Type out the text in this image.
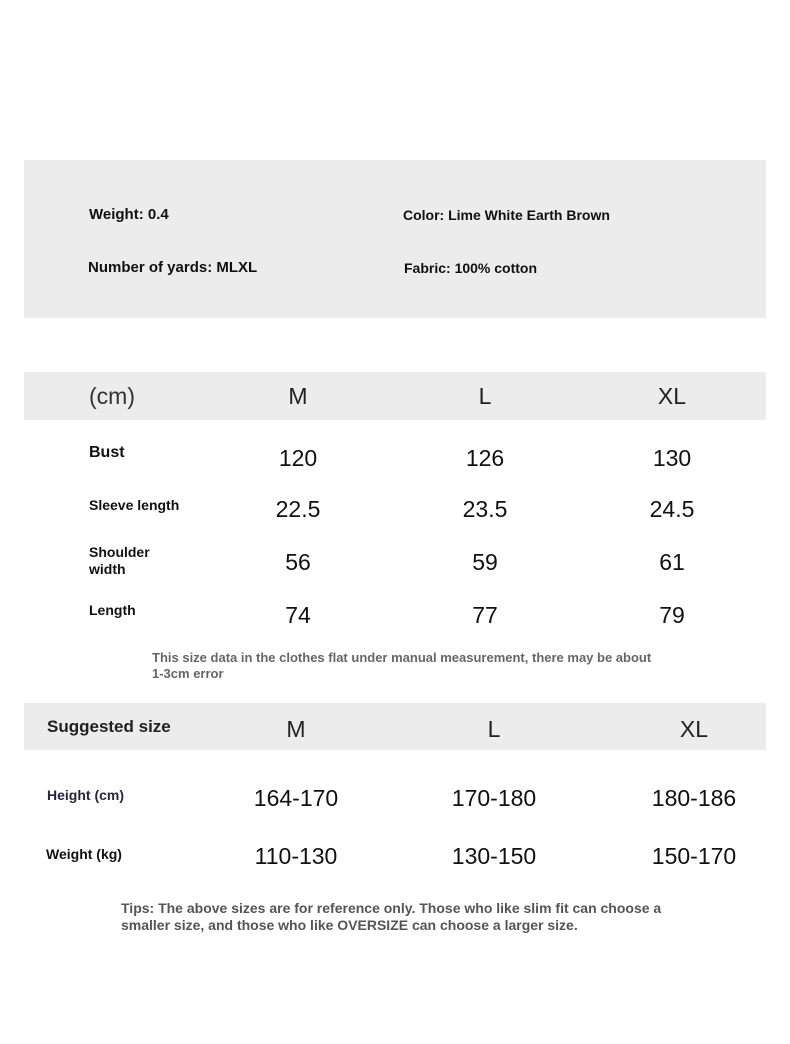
Weight: 0.4	Color: Lime White Earth Brown
Number of yards: MLXL	Fabric: 100% cotton
(cm)	M	L	XL
Bust	120	126	130
Sleeve length	22.5	23.5	24.5
Shoulder width	56	59	61
Length	74	77	79
This size data in the clothes flat under manual measurement, there may be about 1-3cm error
Suggested size	M	L	XL
Height (cm)	164-170	170-180	180-186
Weight (kg)	110-130	130-150	150-170
Tips: The above sizes are for reference only. Those who like slim fit can choose a smaller size, and those who like OVERSIZE can choose a larger size.
